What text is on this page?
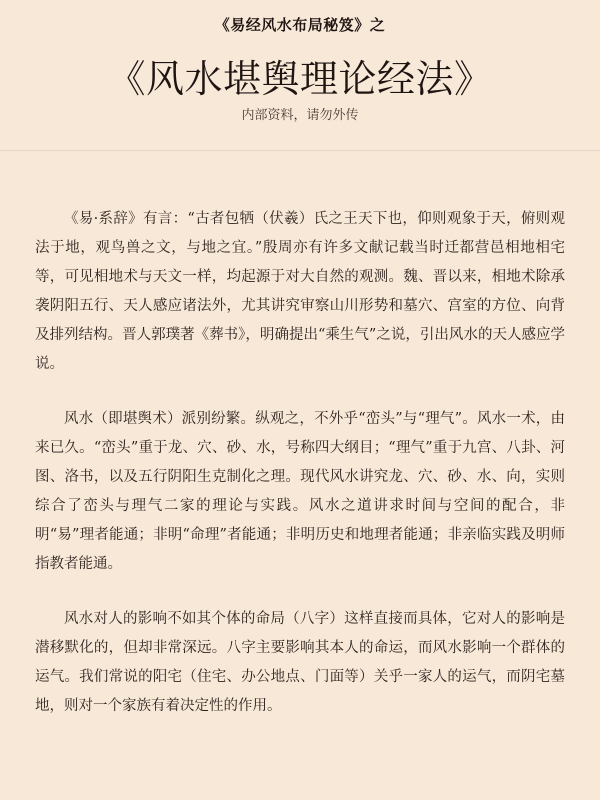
《易经风水布局秘笈》之
《风水堪舆理论经法》
内部资料，请勿外传

《易·系辞》有言：“古者包牺（伏羲）氏之王天下也，仰则观象于天，俯则观法于地，观鸟兽之文，与地之宜。”殷周亦有许多文献记载当时迁都营邑相地相宅等，可见相地术与天文一样，均起源于对大自然的观测。魏、晋以来，相地术除承袭阴阳五行、天人感应诸法外，尤其讲究审察山川形势和墓穴、宫室的方位、向背及排列结构。晋人郭璞著《葬书》，明确提出“乘生气”之说，引出风水的天人感应学说。

风水（即堪舆术）派别纷繁。纵观之，不外乎“峦头”与“理气”。风水一术，由来已久。“峦头”重于龙、穴、砂、水，号称四大纲目；“理气”重于九宫、八卦、河图、洛书，以及五行阴阳生克制化之理。现代风水讲究龙、穴、砂、水、向，实则综合了峦头与理气二家的理论与实践。风水之道讲求时间与空间的配合，非明“易”理者能通；非明“命理”者能通；非明历史和地理者能通；非亲临实践及明师指教者能通。

风水对人的影响不如其个体的命局（八字）这样直接而具体，它对人的影响是潜移默化的，但却非常深远。八字主要影响其本人的命运，而风水影响一个群体的运气。我们常说的阳宅（住宅、办公地点、门面等）关乎一家人的运气，而阴宅墓地，则对一个家族有着决定性的作用。
